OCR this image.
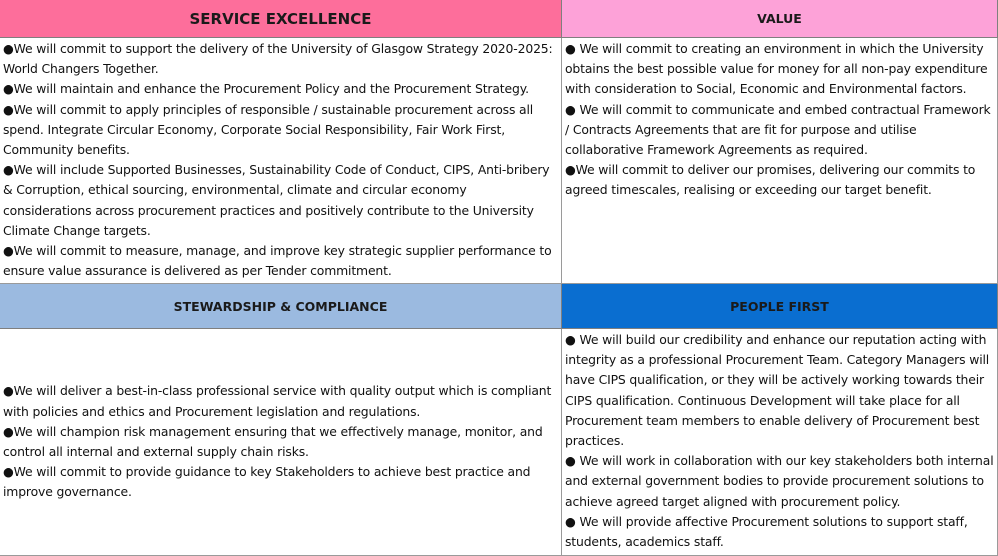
SERVICE EXCELLENCE	VALUE

●We will commit to support the delivery of the University of Glasgow Strategy 2020-2025: World Changers Together.

●We will maintain and enhance the Procurement Policy and the Procurement Strategy.

●We will commit to apply principles of responsible / sustainable procurement across all spend. Integrate Circular Economy, Corporate Social Responsibility, Fair Work First, Community benefits.

●We will include Supported Businesses, Sustainability Code of Conduct, CIPS, Anti-bribery & Corruption, ethical sourcing, environmental, climate and circular economy considerations across procurement practices and positively contribute to the University Climate Change targets.

●We will commit to measure, manage, and improve key strategic supplier performance to ensure value assurance is delivered as per Tender commitment.

● We will commit to creating an environment in which the University obtains the best possible value for money for all non-pay expenditure with consideration to Social, Economic and Environmental factors.

● We will commit to communicate and embed contractual Framework / Contracts Agreements that are fit for purpose and utilise collaborative Framework Agreements as required.

●We will commit to deliver our promises, delivering our commits to agreed timescales, realising or exceeding our target benefit.

STEWARDSHIP & COMPLIANCE	PEOPLE FIRST

●We will deliver a best-in-class professional service with quality output which is compliant with policies and ethics and Procurement legislation and regulations.

●We will champion risk management ensuring that we effectively manage, monitor, and control all internal and external supply chain risks.

●We will commit to provide guidance to key Stakeholders to achieve best practice and improve governance.

● We will build our credibility and enhance our reputation acting with integrity as a professional Procurement Team. Category Managers will have CIPS qualification, or they will be actively working towards their CIPS qualification. Continuous Development will take place for all Procurement team members to enable delivery of Procurement best practices.

● We will work in collaboration with our key stakeholders both internal and external government bodies to provide procurement solutions to achieve agreed target aligned with procurement policy.

● We will provide affective Procurement solutions to support staff, students, academics staff.
